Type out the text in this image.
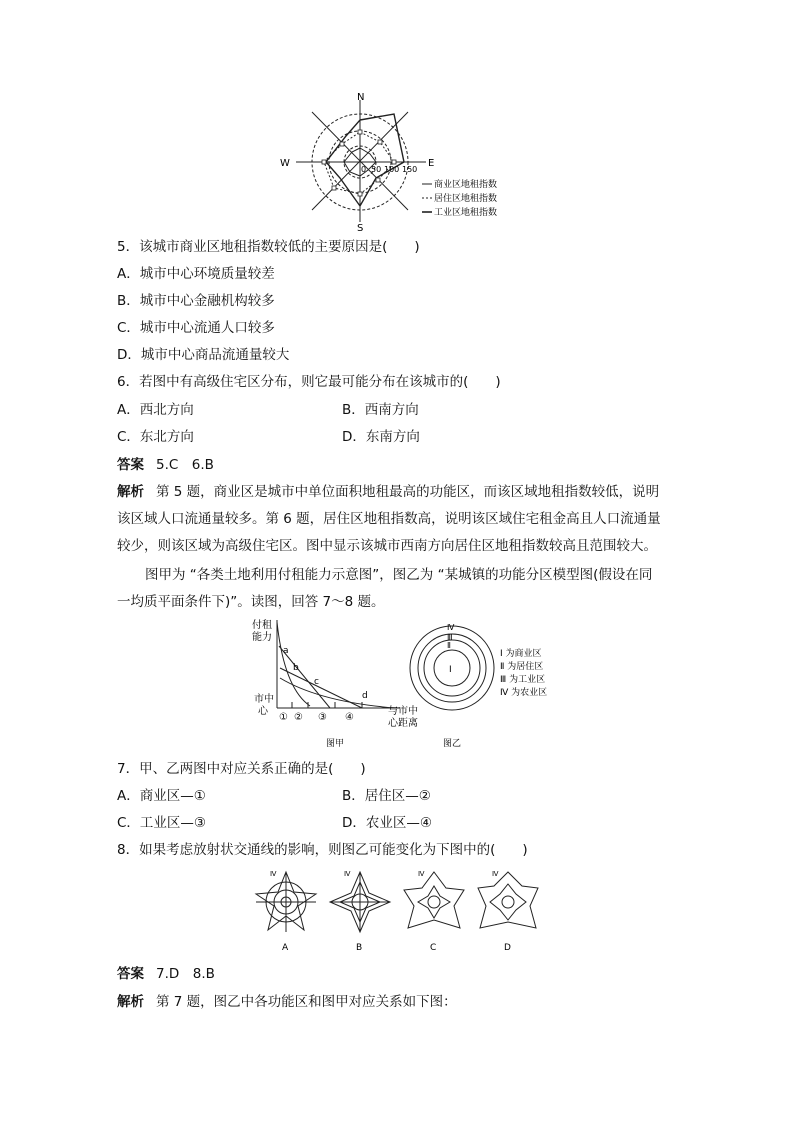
N
S
E
W
0 50 100 150
商业区地租指数
居住区地租指数
工业区地租指数
5．该城市商业区地租指数较低的主要原因是(　　)
A．城市中心环境质量较差
B．城市中心金融机构较多
C．城市中心流通人口较多
D．城市中心商品流通量较大
6．若图中有高级住宅区分布，则它最可能分布在该城市的(　　)
A．西北方向	B．西南方向
C．东北方向	D．东南方向
答案 5.C　6.B
解析 第 5 题，商业区是城市中单位面积地租最高的功能区，而该区域地租指数较低，说明
该区域人口流通量较多。第 6 题，居住区地租指数高，说明该区域住宅租金高且人口流通量
较少，则该区域为高级住宅区。图中显示该城市西南方向居住区地租指数较高且范围较大。
图甲为 “各类土地利用付租能力示意图”，图乙为 “某城镇的功能分区模型图(假设在同
一均质平面条件下)”。读图，回答 7～8 题。
付租
能力
市中
心	与市中
心距离
a
b
c
d
① ② ③ ④
图甲	图乙
Ⅳ
Ⅲ
Ⅱ
Ⅰ
Ⅰ 为商业区
Ⅱ 为居住区
Ⅲ 为工业区
Ⅳ 为农业区
7．甲、乙两图中对应关系正确的是(　　)
A．商业区—①	B．居住区—②
C．工业区—③	D．农业区—④
8．如果考虑放射状交通线的影响，则图乙可能变化为下图中的(　　)
Ⅳ	Ⅳ	Ⅳ	Ⅳ
A	B	C	D
答案 7.D　8.B
解析 第 7 题，图乙中各功能区和图甲对应关系如下图：
